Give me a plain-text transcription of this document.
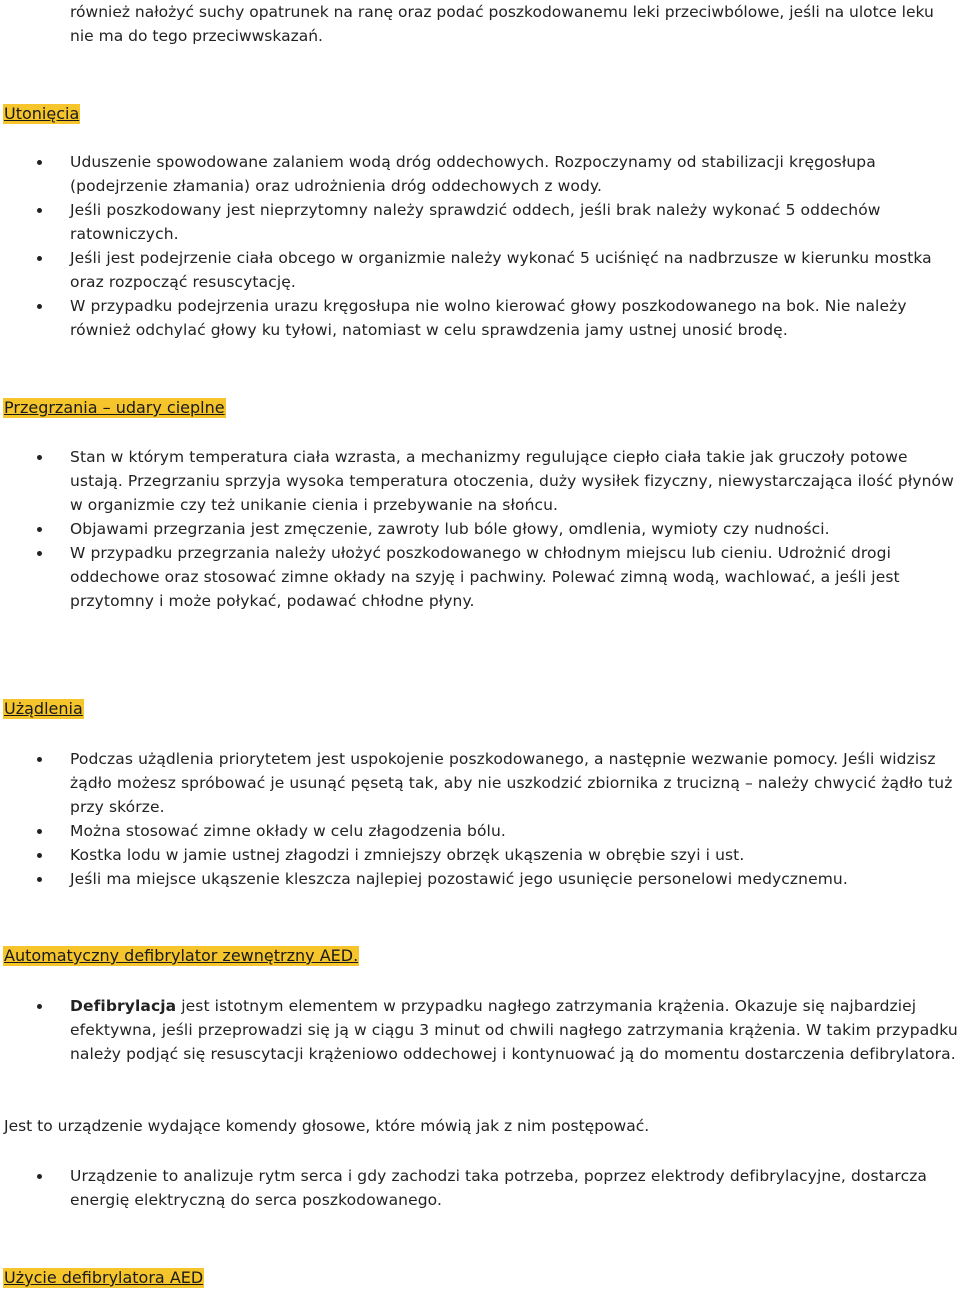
również nałożyć suchy opatrunek na ranę oraz podać poszkodowanemu leki przeciwbólowe, jeśli na ulotce leku nie ma do tego przeciwwskazań.
Utonięcia
Uduszenie spowodowane zalaniem wodą dróg oddechowych. Rozpoczynamy od stabilizacji kręgosłupa (podejrzenie złamania) oraz udrożnienia dróg oddechowych z wody.
Jeśli poszkodowany jest nieprzytomny należy sprawdzić oddech, jeśli brak należy wykonać 5 oddechów ratowniczych.
Jeśli jest podejrzenie ciała obcego w organizmie należy wykonać 5 uciśnięć na nadbrzusze w kierunku mostka oraz rozpocząć resuscytację.
W przypadku podejrzenia urazu kręgosłupa nie wolno kierować głowy poszkodowanego na bok. Nie należy również odchylać głowy ku tyłowi, natomiast w celu sprawdzenia jamy ustnej unosić brodę.
Przegrzania – udary cieplne
Stan w którym temperatura ciała wzrasta, a mechanizmy regulujące ciepło ciała takie jak gruczoły potowe ustają. Przegrzaniu sprzyja wysoka temperatura otoczenia, duży wysiłek fizyczny, niewystarczająca ilość płynów w organizmie czy też unikanie cienia i przebywanie na słońcu.
Objawami przegrzania jest zmęczenie, zawroty lub bóle głowy, omdlenia, wymioty czy nudności.
W przypadku przegrzania należy ułożyć poszkodowanego w chłodnym miejscu lub cieniu. Udrożnić drogi oddechowe oraz stosować zimne okłady na szyję i pachwiny. Polewać zimną wodą, wachlować, a jeśli jest przytomny i może połykać, podawać chłodne płyny.
Użądlenia
Podczas użądlenia priorytetem jest uspokojenie poszkodowanego, a następnie wezwanie pomocy. Jeśli widzisz żądło możesz spróbować je usunąć pęsetą tak, aby nie uszkodzić zbiornika z trucizną – należy chwycić żądło tuż przy skórze.
Można stosować zimne okłady w celu złagodzenia bólu.
Kostka lodu w jamie ustnej złagodzi i zmniejszy obrzęk ukąszenia w obrębie szyi i ust.
Jeśli ma miejsce ukąszenie kleszcza najlepiej pozostawić jego usunięcie personelowi medycznemu.
Automatyczny defibrylator zewnętrzny AED.
Defibrylacja jest istotnym elementem w przypadku nagłego zatrzymania krążenia. Okazuje się najbardziej efektywna, jeśli przeprowadzi się ją w ciągu 3 minut od chwili nagłego zatrzymania krążenia. W takim przypadku należy podjąć się resuscytacji krążeniowo oddechowej i kontynuować ją do momentu dostarczenia defibrylatora.
Jest to urządzenie wydające komendy głosowe, które mówią jak z nim postępować.
Urządzenie to analizuje rytm serca i gdy zachodzi taka potrzeba, poprzez elektrody defibrylacyjne, dostarcza energię elektryczną do serca poszkodowanego.
Użycie defibrylatora AED
